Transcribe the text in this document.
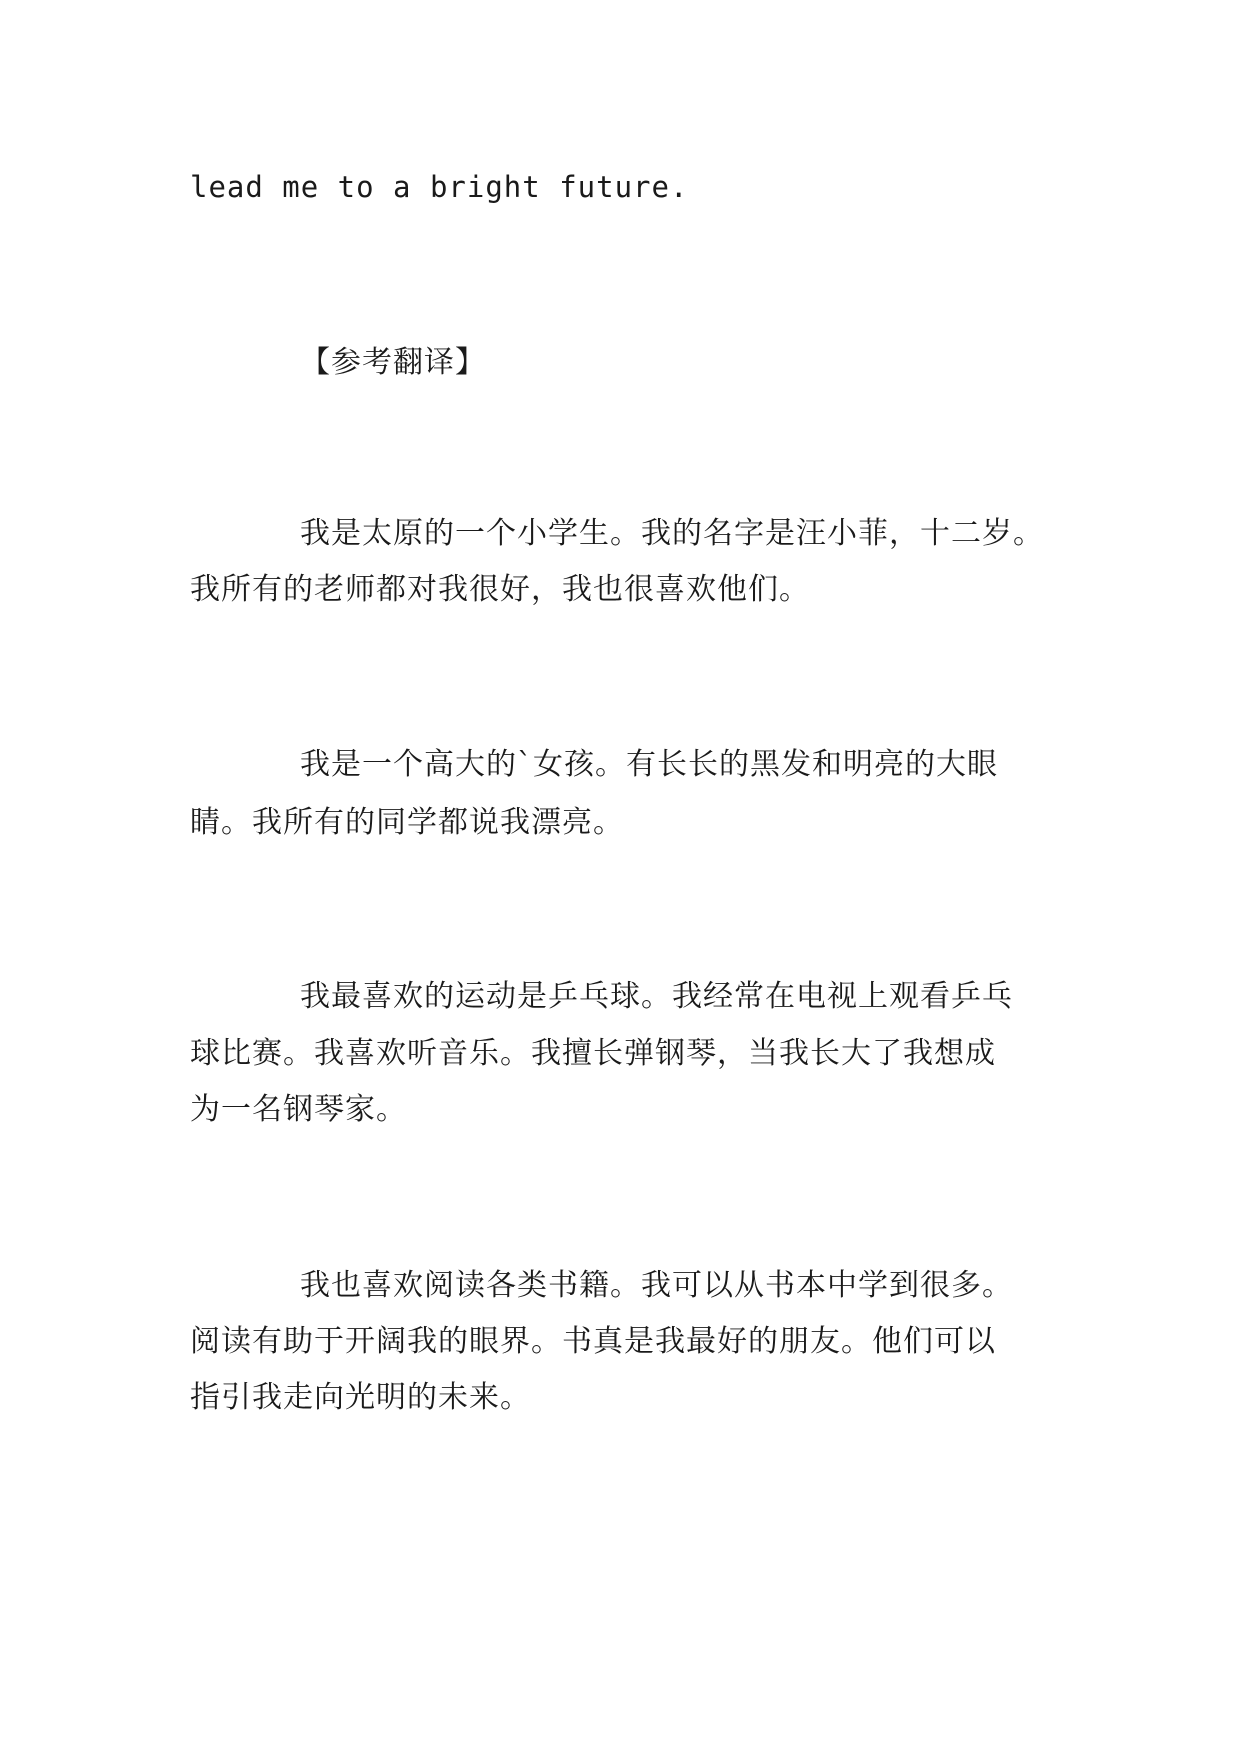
lead me to a bright future.
【参考翻译】
我是太原的一个小学生。我的名字是汪小菲，十二岁。
我所有的老师都对我很好，我也很喜欢他们。
我是一个高大的`女孩。有长长的黑发和明亮的大眼
睛。我所有的同学都说我漂亮。
我最喜欢的运动是乒乓球。我经常在电视上观看乒乓
球比赛。我喜欢听音乐。我擅长弹钢琴，当我长大了我想成
为一名钢琴家。
我也喜欢阅读各类书籍。我可以从书本中学到很多。
阅读有助于开阔我的眼界。书真是我最好的朋友。他们可以
指引我走向光明的未来。
